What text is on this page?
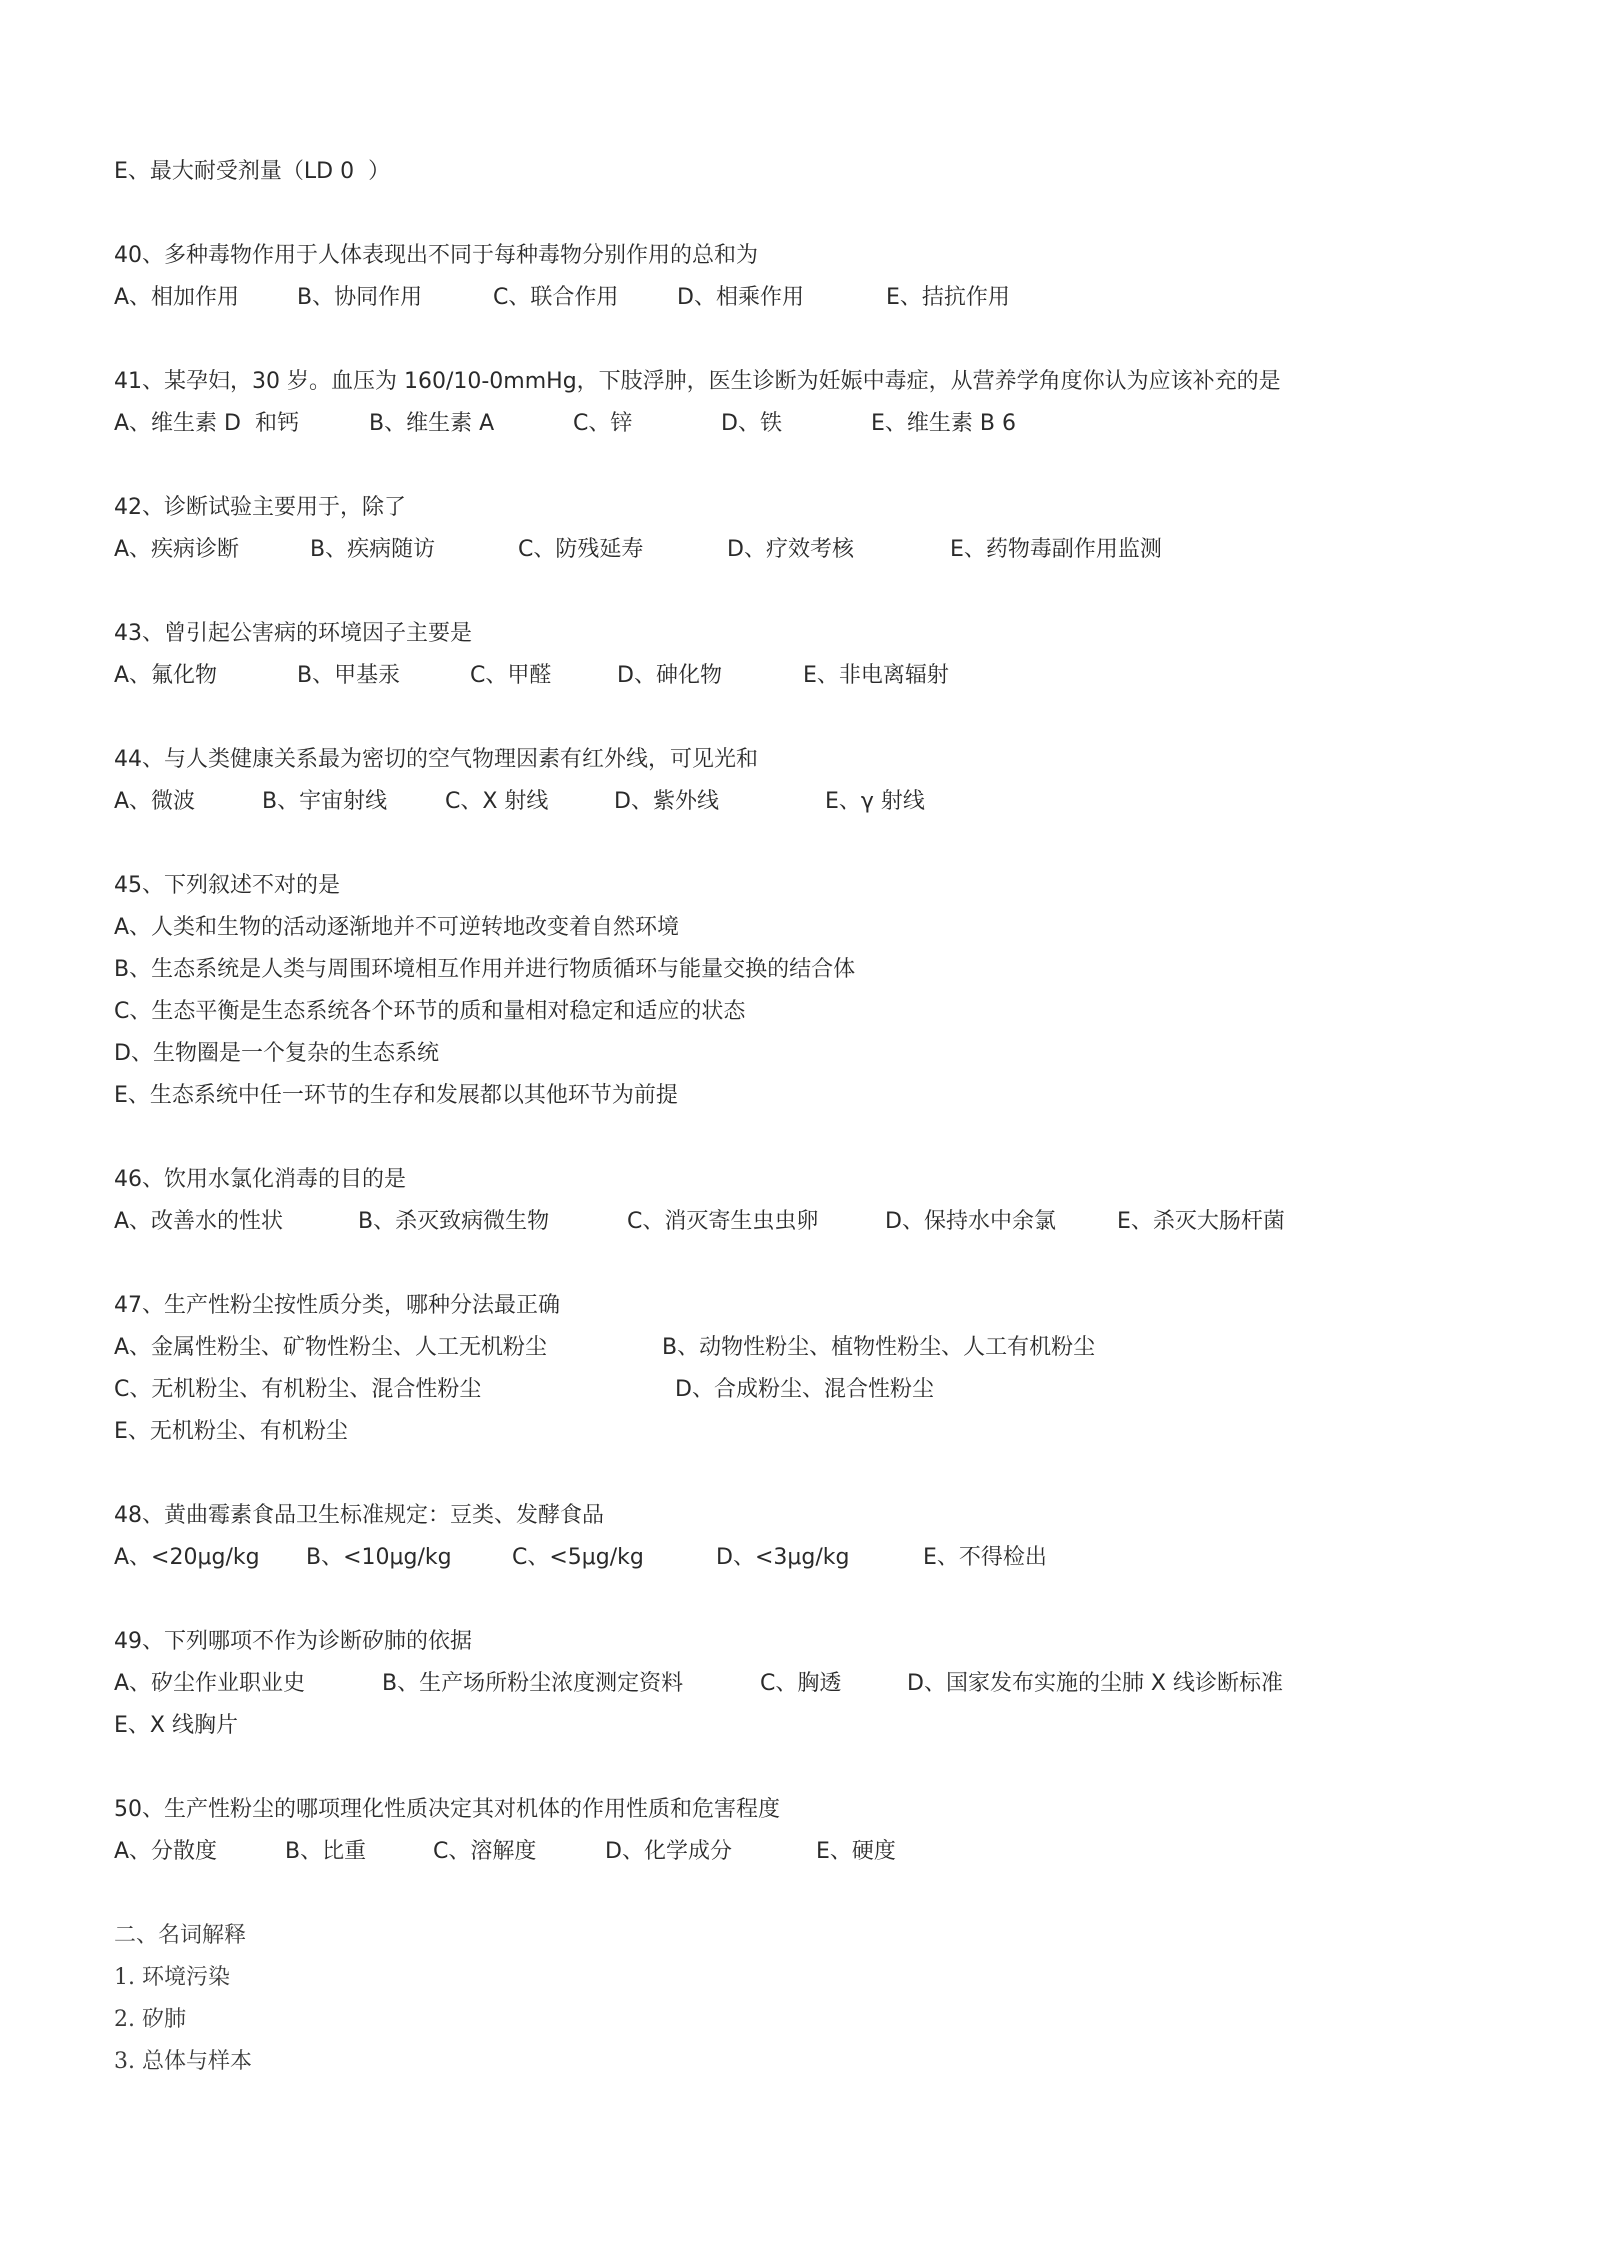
E、最大耐受剂量（LD 0  ）
40、多种毒物作用于人体表现出不同于每种毒物分别作用的总和为
A、相加作用	B、协同作用	C、联合作用	D、相乘作用	E、拮抗作用
41、某孕妇，30 岁。血压为 160/10-0mmHg，下肢浮肿，医生诊断为妊娠中毒症，从营养学角度你认为应该补充的是
A、维生素 D  和钙	B、维生素 A	C、锌	D、铁	E、维生素 B 6
42、诊断试验主要用于，除了
A、疾病诊断	B、疾病随访	C、防残延寿	D、疗效考核	E、药物毒副作用监测
43、曾引起公害病的环境因子主要是
A、氟化物	B、甲基汞	C、甲醛	D、砷化物	E、非电离辐射
44、与人类健康关系最为密切的空气物理因素有红外线，可见光和
A、微波	B、宇宙射线	C、X 射线	D、紫外线	E、γ 射线
45、下列叙述不对的是
A、人类和生物的活动逐渐地并不可逆转地改变着自然环境
B、生态系统是人类与周围环境相互作用并进行物质循环与能量交换的结合体
C、生态平衡是生态系统各个环节的质和量相对稳定和适应的状态
D、生物圈是一个复杂的生态系统
E、生态系统中任一环节的生存和发展都以其他环节为前提
46、饮用水氯化消毒的目的是
A、改善水的性状	B、杀灭致病微生物	C、消灭寄生虫虫卵	D、保持水中余氯	E、杀灭大肠杆菌
47、生产性粉尘按性质分类，哪种分法最正确
A、金属性粉尘、矿物性粉尘、人工无机粉尘	B、动物性粉尘、植物性粉尘、人工有机粉尘
C、无机粉尘、有机粉尘、混合性粉尘	D、合成粉尘、混合性粉尘
E、无机粉尘、有机粉尘
48、黄曲霉素食品卫生标准规定：豆类、发酵食品
A、<20μg/kg B、<10μg/kg	C、<5μg/kg	D、<3μg/kg	E、不得检出
49、下列哪项不作为诊断矽肺的依据
A、矽尘作业职业史	B、生产场所粉尘浓度测定资料	C、胸透	D、国家发布实施的尘肺 X 线诊断标准
E、X 线胸片
50、生产性粉尘的哪项理化性质决定其对机体的作用性质和危害程度
A、分散度	B、比重	C、溶解度	D、化学成分	E、硬度
二、名词解释
1. 环境污染
2. 矽肺
3. 总体与样本
